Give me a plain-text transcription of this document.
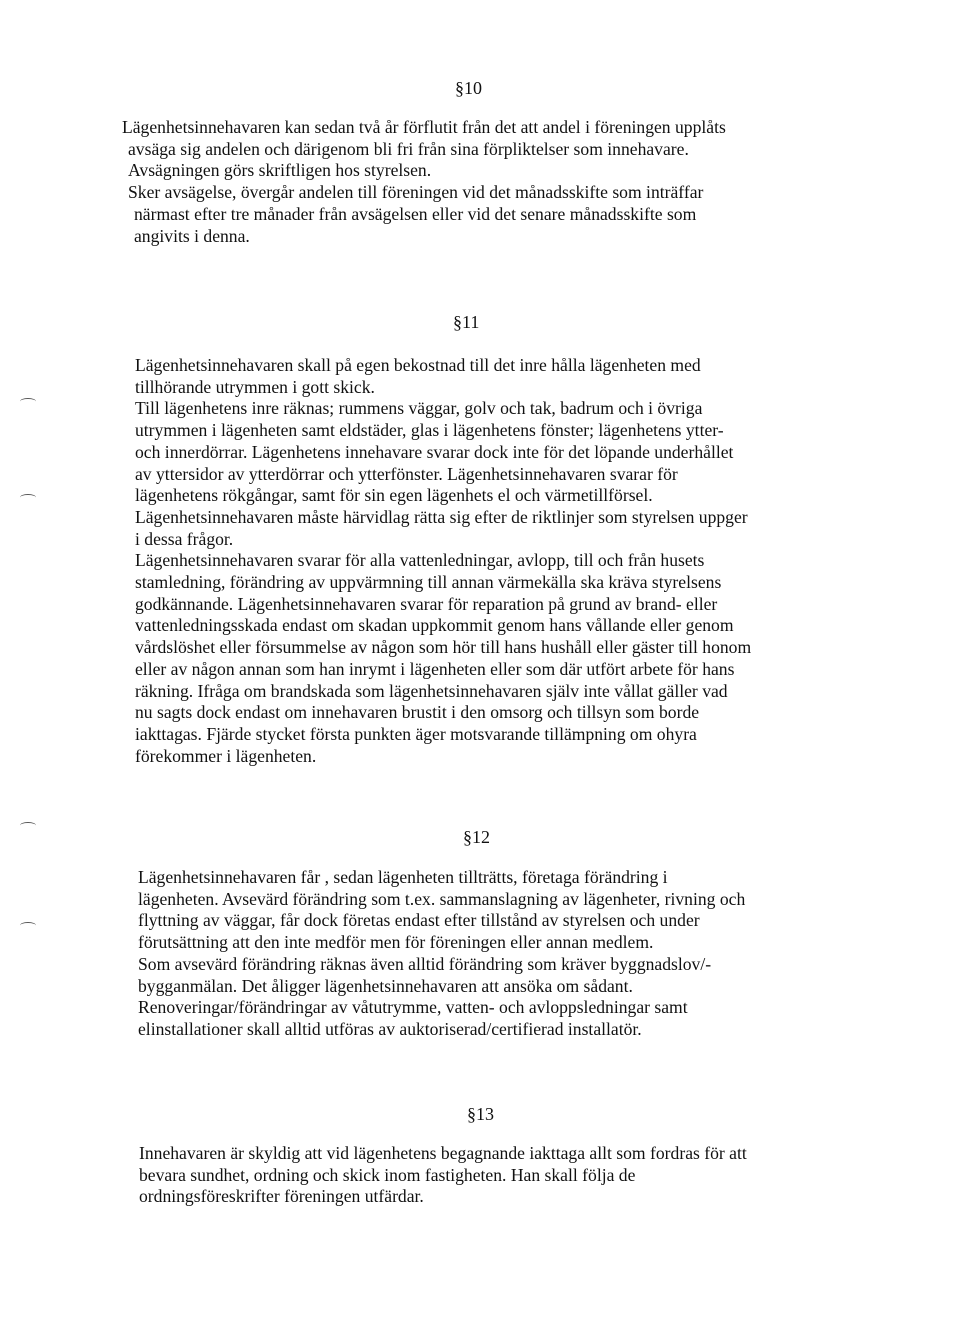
§10
Lägenhetsinnehavaren kan sedan två år förflutit från det att andel i föreningen upplåts
avsäga sig andelen och därigenom bli fri från sina förpliktelser som innehavare.
Avsägningen görs skriftligen hos styrelsen.
Sker avsägelse, övergår andelen till föreningen vid det månadsskifte som inträffar
närmast efter tre månader från avsägelsen eller vid det senare månadsskifte som
angivits i denna.
§11
Lägenhetsinnehavaren skall på egen bekostnad till det inre hålla lägenheten med
tillhörande utrymmen i gott skick.
Till lägenhetens inre räknas; rummens väggar, golv och tak, badrum och i övriga
utrymmen i lägenheten samt eldstäder, glas i lägenhetens fönster; lägenhetens ytter-
och innerdörrar. Lägenhetens innehavare svarar dock inte för det löpande underhållet
av yttersidor av ytterdörrar och ytterfönster. Lägenhetsinnehavaren svarar för
lägenhetens rökgångar, samt för sin egen lägenhets el och värmetillförsel.
Lägenhetsinnehavaren måste härvidlag rätta sig efter de riktlinjer som styrelsen uppger
i dessa frågor.
Lägenhetsinnehavaren svarar för alla vattenledningar, avlopp, till och från husets
stamledning, förändring av uppvärmning till annan värmekälla ska kräva styrelsens
godkännande. Lägenhetsinnehavaren svarar för reparation på grund av brand- eller
vattenledningsskada endast om skadan uppkommit genom hans vållande eller genom
vårdslöshet eller försummelse av någon som hör till hans hushåll eller gäster till honom
eller av någon annan som han inrymt i lägenheten eller som där utfört arbete för hans
räkning. Ifråga om brandskada som lägenhetsinnehavaren själv inte vållat gäller vad
nu sagts dock endast om innehavaren brustit i den omsorg och tillsyn som borde
iakttagas. Fjärde stycket första punkten äger motsvarande tillämpning om ohyra
förekommer i lägenheten.
§12
Lägenhetsinnehavaren får , sedan lägenheten tillträtts, företaga förändring i
lägenheten. Avsevärd förändring som t.ex. sammanslagning av lägenheter, rivning och
flyttning av väggar, får dock företas endast efter tillstånd av styrelsen och under
förutsättning att den inte medför men för föreningen eller annan medlem.
Som avsevärd förändring räknas även alltid förändring som kräver byggnadslov/-
bygganmälan. Det åligger lägenhetsinnehavaren att ansöka om sådant.
Renoveringar/förändringar av våtutrymme, vatten- och avloppsledningar samt
elinstallationer skall alltid utföras av auktoriserad/certifierad installatör.
§13
Innehavaren är skyldig att vid lägenhetens begagnande iakttaga allt som fordras för att
bevara sundhet, ordning och skick inom fastigheten. Han skall följa de
ordningsföreskrifter föreningen utfärdar.
